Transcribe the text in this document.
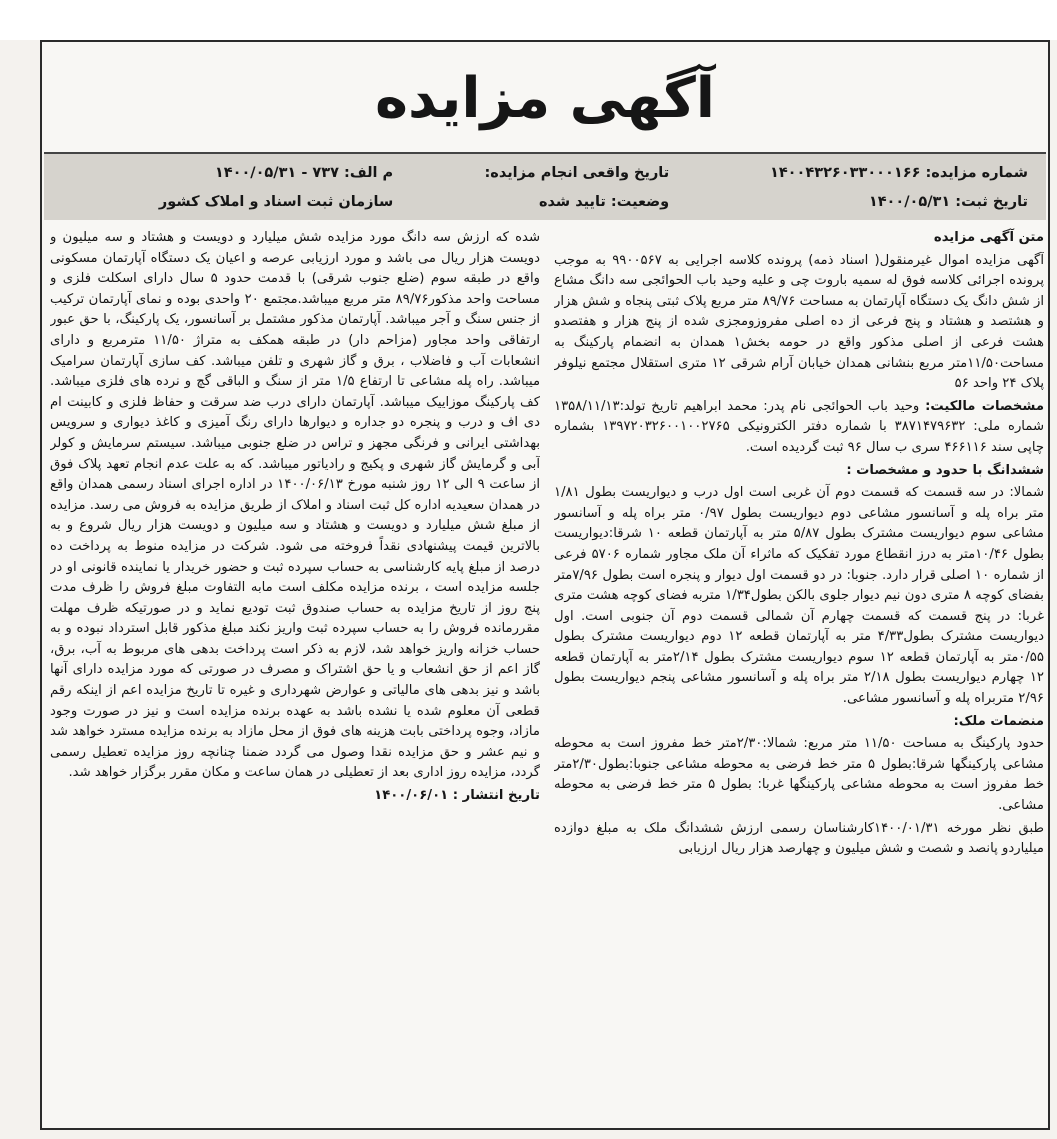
آگهی مزایده
شماره مزایده: ۱۴۰۰۴۳۲۶۰۳۳۰۰۰۱۶۶
تاریخ ثبت: ۱۴۰۰/۰۵/۳۱
تاریخ واقعی انجام مزایده:
وضعیت: تایید شده
م الف: ۷۳۷ - ۱۴۰۰/۰۵/۳۱
سازمان ثبت اسناد و املاک کشور

متن آگهی مزایده

آگهی مزایده اموال غیرمنقول( اسناد ذمه) پرونده کلاسه اجرایی به ۹۹۰۰۵۶۷ به موجب پرونده اجرائی کلاسه فوق له سمیه باروت چی و علیه وحید باب الحوائجی سه دانگ مشاع از شش دانگ یک دستگاه آپارتمان به مساحت ۸۹/۷۶ متر مربع پلاک ثبتی پنجاه و شش هزار و هشتصد و هشتاد و پنج فرعی از ده اصلی مفروزومجزی شده از پنج هزار و هفتصدو هشت فرعی از اصلی مذکور واقع در حومه بخش۱ همدان به انضمام پارکینگ به مساحت۱۱/۵۰متر مربع بنشانی همدان خیابان آرام شرقی ۱۲ متری استقلال مجتمع نیلوفر پلاک ۲۴ واحد ۵۶

مشخصات مالکیت: وحید باب الحوائجی نام پدر: محمد ابراهیم تاریخ تولد:۱۳۵۸/۱۱/۱۳ شماره ملی: ۳۸۷۱۴۷۹۶۳۲ با شماره دفتر الکترونیکی ۱۳۹۷۲۰۳۲۶۰۰۱۰۰۲۷۶۵ بشماره چاپی سند ۴۶۶۱۱۶ سری ب سال ۹۶ ثبت گردیده است.

ششدانگ با حدود و مشخصات :

شمالا: در سه قسمت که قسمت دوم آن غربی است اول درب و دیواریست بطول ۱/۸۱ متر براه پله و آسانسور مشاعی دوم دیواریست بطول ۰/۹۷ متر براه پله و آسانسور مشاعی سوم دیواریست مشترک بطول ۵/۸۷ متر به آپارتمان قطعه ۱۰ شرقا:دیواریست بطول ۱۰/۴۶متر به درز انقطاع مورد تفکیک که ماثراء آن ملک مجاور شماره ۵۷۰۶ فرعی از شماره ۱۰ اصلی قرار دارد. جنوبا: در دو قسمت اول دیوار و پنجره است بطول ۷/۹۶متر بفضای کوچه ۸ متری دون نیم دیوار جلوی بالکن بطول۱/۳۴ متربه فضای کوچه هشت متری غربا: در پنج قسمت که قسمت چهارم آن شمالی قسمت دوم آن جنوبی است. اول دیواریست مشترک بطول۴/۳۳ متر به آپارتمان قطعه ۱۲ دوم دیواریست مشترک بطول ۰/۵۵متر به آپارتمان قطعه ۱۲ سوم دیواریست مشترک بطول ۲/۱۴متر به آپارتمان قطعه ۱۲ چهارم دیواریست بطول ۲/۱۸ متر براه پله و آسانسور مشاعی پنجم دیواریست بطول ۲/۹۶ متربراه پله و آسانسور مشاعی.

منضمات ملک:

حدود پارکینگ به مساحت ۱۱/۵۰ متر مربع: شمالا:۲/۳۰متر خط مفروز است به محوطه مشاعی پارکینگها شرقا:بطول ۵ متر خط فرضی به محوطه مشاعی جنوبا:بطول۲/۳۰متر خط مفروز است به محوطه مشاعی پارکینگها غربا: بطول ۵ متر خط فرضی به محوطه مشاعی.

طبق نظر مورخه ۱۴۰۰/۰۱/۳۱کارشناسان رسمی ارزش ششدانگ ملک به مبلغ دوازده میلیاردو پانصد و شصت و شش میلیون و چهارصد هزار ریال ارزیابی

شده که ارزش سه دانگ مورد مزایده شش میلیارد و دویست و هشتاد و سه میلیون و دویست هزار ریال می باشد و مورد ارزیابی عرصه و اعیان یک دستگاه آپارتمان مسکونی واقع در طبقه سوم (ضلع جنوب شرقی) با قدمت حدود ۵ سال دارای اسکلت فلزی و مساحت واحد مذکور۸۹/۷۶ متر مربع میباشد.مجتمع ۲۰ واحدی بوده و نمای آپارتمان ترکیب از جنس سنگ و آجر میباشد. آپارتمان مذکور مشتمل بر آسانسور، یک پارکینگ، با حق عبور ارتفاقی واحد مجاور (مزاحم دار) در طبقه همکف به متراژ ۱۱/۵۰ مترمربع و دارای انشعابات آب و فاضلاب ، برق و گاز شهری و تلفن میباشد. کف سازی آپارتمان سرامیک میباشد. راه پله مشاعی تا ارتفاع ۱/۵ متر از سنگ و الباقی گچ و نرده های فلزی میباشد. کف پارکینگ موزاییک میباشد. آپارتمان دارای درب ضد سرقت و حفاظ فلزی و کابینت ام دی اف و درب و پنجره دو جداره و دیوارها دارای رنگ آمیزی و کاغذ دیواری و سرویس بهداشتی ایرانی و فرنگی مجهز و تراس در ضلع جنوبی میباشد. سیستم سرمایش و کولر آبی و گرمایش گاز شهری و پکیج و رادیاتور میباشد. که به علت عدم انجام تعهد پلاک فوق از ساعت ۹ الی ۱۲ روز شنبه مورخ ۱۴۰۰/۰۶/۱۳ در اداره اجرای اسناد رسمی همدان واقع در همدان سعیدیه اداره کل ثبت اسناد و املاک از طریق مزایده به فروش می رسد. مزایده از مبلغ شش میلیارد و دویست و هشتاد و سه میلیون و دویست هزار ریال شروع و به بالاترین قیمت پیشنهادی نقداً فروخته می شود. شرکت در مزایده منوط به پرداخت ده درصد از مبلغ پایه کارشناسی به حساب سپرده ثبت و حضور خریدار یا نماینده قانونی او در جلسه مزایده است ، برنده مزایده مکلف است مابه التفاوت مبلغ فروش را ظرف مدت پنج روز از تاریخ مزایده به حساب صندوق ثبت تودیع نماید و در صورتیکه ظرف مهلت مقررمانده فروش را به حساب سپرده ثبت واریز نکند مبلغ مذکور قابل استرداد نبوده و به حساب خزانه واریز خواهد شد، لازم به ذکر است پرداخت بدهی های مربوط به آب، برق، گاز اعم از حق انشعاب و یا حق اشتراک و مصرف در صورتی که مورد مزایده دارای آنها باشد و نیز بدهی های مالیاتی و عوارض شهرداری و غیره تا تاریخ مزایده اعم از اینکه رقم قطعی آن معلوم شده یا نشده باشد به عهده برنده مزایده است و نیز در صورت وجود مازاد، وجوه پرداختی بابت هزینه های فوق از محل مازاد به برنده مزایده مسترد خواهد شد و نیم عشر و حق مزایده نقدا وصول می گردد ضمنا چنانچه روز مزایده تعطیل رسمی گردد، مزایده روز اداری بعد از تعطیلی در همان ساعت و مکان مقرر برگزار خواهد شد.

تاریخ انتشار : ۱۴۰۰/۰۶/۰۱
